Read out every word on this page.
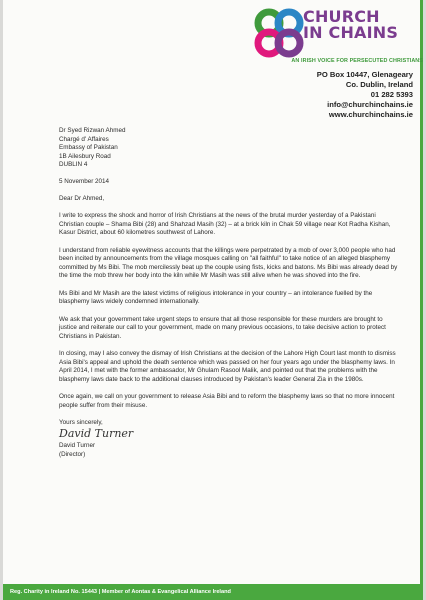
CHURCH
IN CHAINS
AN IRISH VOICE FOR PERSECUTED CHRISTIANS
PO Box 10447, Glenageary
Co. Dublin, Ireland
01 282 5393
info@churchinchains.ie
www.churchinchains.ie
Dr Syed Rizwan Ahmed
Chargé d' Affaires
Embassy of Pakistan
1B Ailesbury Road
DUBLIN 4
5 November 2014
Dear Dr Ahmed,

I write to express the shock and horror of Irish Christians at the news of the brutal murder yesterday of a Pakistani Christian couple – Shama Bibi (28) and Shahzad Masih (32) – at a brick kiln in Chak 59 village near Kot Radha Kishan, Kasur District, about 60 kilometres southwest of Lahore.

I understand from reliable eyewitness accounts that the killings were perpetrated by a mob of over 3,000 people who had been incited by announcements from the village mosques calling on "all faithful" to take notice of an alleged blasphemy committed by Ms Bibi. The mob mercilessly beat up the couple using fists, kicks and batons. Ms Bibi was already dead by the time the mob threw her body into the kiln while Mr Masih was still alive when he was shoved into the fire.

Ms Bibi and Mr Masih are the latest victims of religious intolerance in your country – an intolerance fuelled by the blasphemy laws widely condemned internationally.

We ask that your government take urgent steps to ensure that all those responsible for these murders are brought to justice and reiterate our call to your government, made on many previous occasions, to take decisive action to protect Christians in Pakistan.

In closing, may I also convey the dismay of Irish Christians at the decision of the Lahore High Court last month to dismiss Asia Bibi's appeal and uphold the death sentence which was passed on her four years ago under the blasphemy laws. In April 2014, I met with the former ambassador, Mr Ghulam Rasool Malik, and pointed out that the problems with the blasphemy laws date back to the additional clauses introduced by Pakistan's leader General Zia in the 1980s.

Once again, we call on your government to release Asia Bibi and to reform the blasphemy laws so that no more innocent people suffer from their misuse.

Yours sincerely,
David Turner
David Turner
(Director)
Reg. Charity in Ireland No. 15443 | Member of Aontas & Evangelical Alliance Ireland
